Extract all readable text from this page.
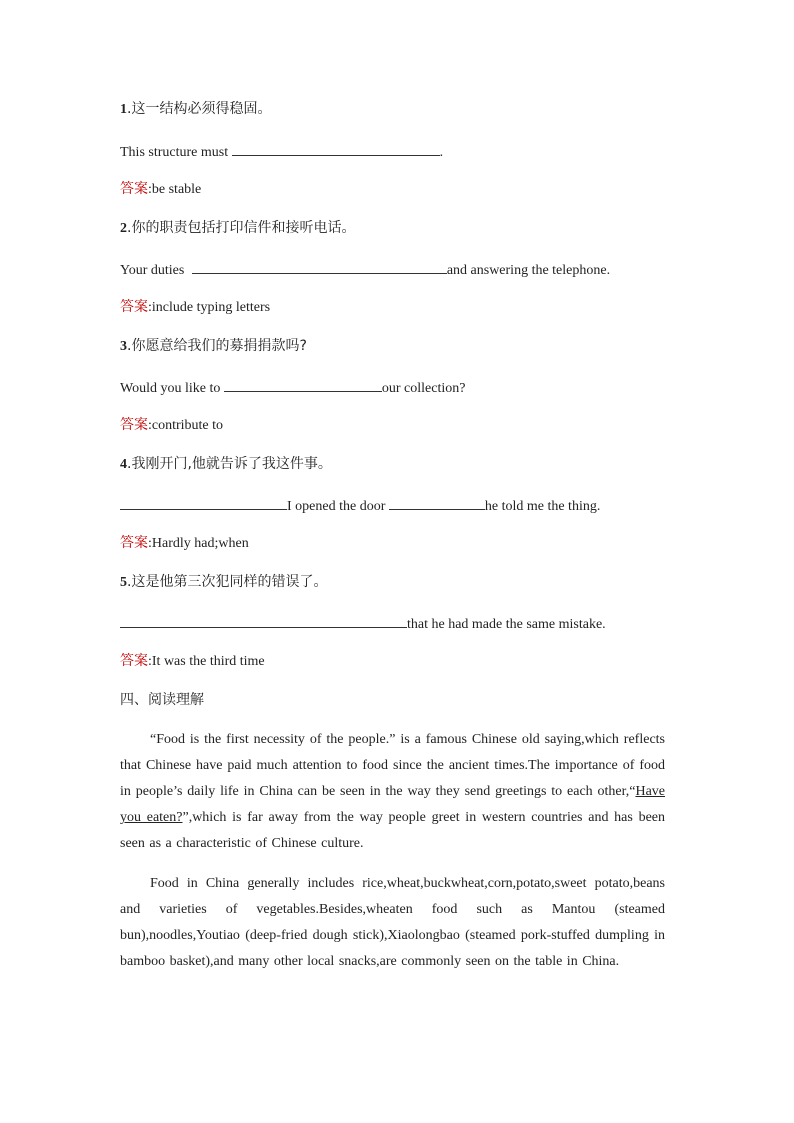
1.这一结构必须得稳固。
This structure must	.
答案:be stable
2.你的职责包括打印信件和接听电话。
Your duties	and answering the telephone.
答案:include typing letters
3.你愿意给我们的募捐捐款吗?
Would you like to	our collection?
答案:contribute to
4.我刚开门,他就告诉了我这件事。
I opened the door	he told me the thing.
答案:Hardly had;when
5.这是他第三次犯同样的错误了。
that he had made the same mistake.
答案:It was the third time
四、阅读理解
“Food is the first necessity of the people.” is a famous Chinese old saying,which reflects that Chinese have paid much attention to food since the ancient times.The importance of food in people’s daily life in China can be seen in the way they send greetings to each other,“Have you eaten?”,which is far away from the way people greet in western countries and has been seen as a characteristic of Chinese culture.
Food in China generally includes rice,wheat,buckwheat,corn,potato,sweet potato,beans and varieties of vegetables.Besides,wheaten food such as Mantou (steamed bun),noodles,Youtiao (deep-fried dough stick),Xiaolongbao (steamed pork-stuffed dumpling in bamboo basket),and many other local snacks,are commonly seen on the table in China.
